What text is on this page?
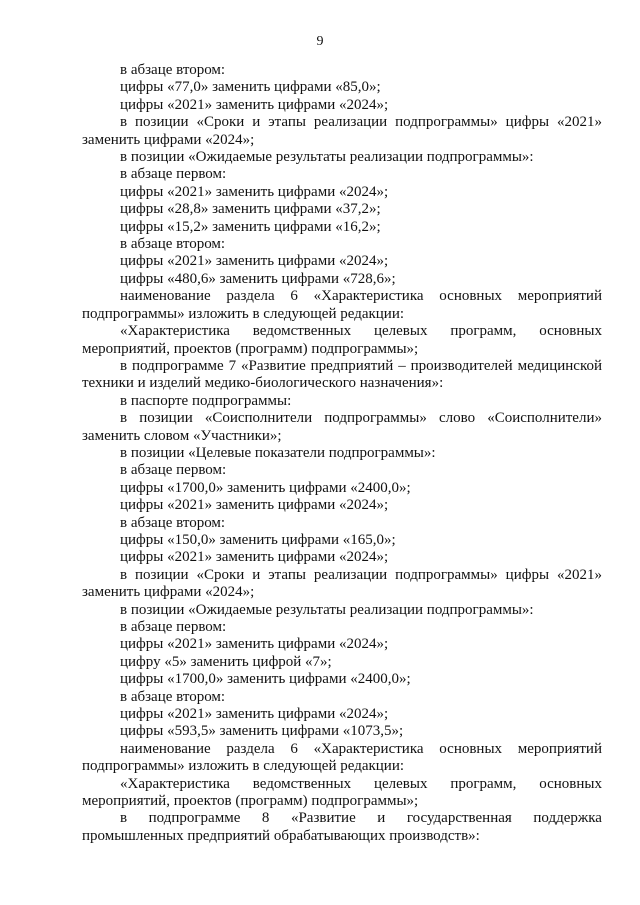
9
в абзаце втором:
цифры «77,0» заменить цифрами «85,0»;
цифры «2021» заменить цифрами «2024»;
в позиции «Сроки и этапы реализации подпрограммы» цифры «2021»
заменить цифрами «2024»;
в позиции «Ожидаемые результаты реализации подпрограммы»:
в абзаце первом:
цифры «2021» заменить цифрами «2024»;
цифры «28,8» заменить цифрами «37,2»;
цифры «15,2» заменить цифрами «16,2»;
в абзаце втором:
цифры «2021» заменить цифрами «2024»;
цифры «480,6» заменить цифрами «728,6»;
наименование раздела 6 «Характеристика основных мероприятий
подпрограммы» изложить в следующей редакции:
«Характеристика ведомственных целевых программ, основных
мероприятий, проектов (программ) подпрограммы»;
в подпрограмме 7 «Развитие предприятий – производителей медицинской
техники и изделий медико-биологического назначения»:
в паспорте подпрограммы:
в позиции «Соисполнители подпрограммы» слово «Соисполнители»
заменить словом «Участники»;
в позиции «Целевые показатели подпрограммы»:
в абзаце первом:
цифры «1700,0» заменить цифрами «2400,0»;
цифры «2021» заменить цифрами «2024»;
в абзаце втором:
цифры «150,0» заменить цифрами «165,0»;
цифры «2021» заменить цифрами «2024»;
в позиции «Сроки и этапы реализации подпрограммы» цифры «2021»
заменить цифрами «2024»;
в позиции «Ожидаемые результаты реализации подпрограммы»:
в абзаце первом:
цифры «2021» заменить цифрами «2024»;
цифру «5» заменить цифрой «7»;
цифры «1700,0» заменить цифрами «2400,0»;
в абзаце втором:
цифры «2021» заменить цифрами «2024»;
цифры «593,5» заменить цифрами «1073,5»;
наименование раздела 6 «Характеристика основных мероприятий
подпрограммы» изложить в следующей редакции:
«Характеристика ведомственных целевых программ, основных
мероприятий, проектов (программ) подпрограммы»;
в подпрограмме 8 «Развитие и государственная поддержка
промышленных предприятий обрабатывающих производств»:
